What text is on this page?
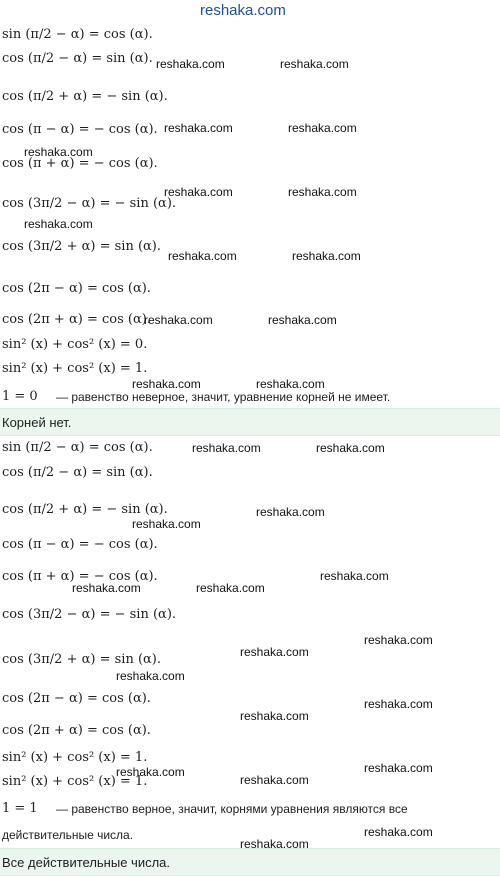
reshaka.com
sin (π/2 − α) = cos (α).
cos (π/2 − α) = sin (α).
cos (π/2 + α) = − sin (α).
cos (π − α) = − cos (α).
cos (π + α) = − cos (α).
cos (3π/2 − α) = − sin (α).
cos (3π/2 + α) = sin (α).
cos (2π − α) = cos (α).
cos (2π + α) = cos (α).
sin² (x) + cos² (x) = 0.
sin² (x) + cos² (x) = 1.
1 = 0 — равенство неверное, значит, уравнение корней не имеет.
Корней нет.
sin (π/2 − α) = cos (α).
cos (π/2 − α) = sin (α).
cos (π/2 + α) = − sin (α).
cos (π − α) = − cos (α).
cos (π + α) = − cos (α).
cos (3π/2 − α) = − sin (α).
cos (3π/2 + α) = sin (α).
cos (2π − α) = cos (α).
cos (2π + α) = cos (α).
sin² (x) + cos² (x) = 1.
sin² (x) + cos² (x) = 1.
1 = 1 — равенство верное, значит, корнями уравнения являются все
действительные числа.
Все действительные числа.
reshaka.com	reshaka.com
reshaka.com	reshaka.com
reshaka.com
reshaka.com	reshaka.com
reshaka.com
reshaka.com	reshaka.com
reshaka.com	reshaka.com
reshaka.com	reshaka.com
reshaka.com	reshaka.com
reshaka.com
reshaka.com
reshaka.com
reshaka.com	reshaka.com
reshaka.com
reshaka.com
reshaka.com
reshaka.com
reshaka.com
reshaka.com	reshaka.com
reshaka.com
reshaka.com
reshaka.com
